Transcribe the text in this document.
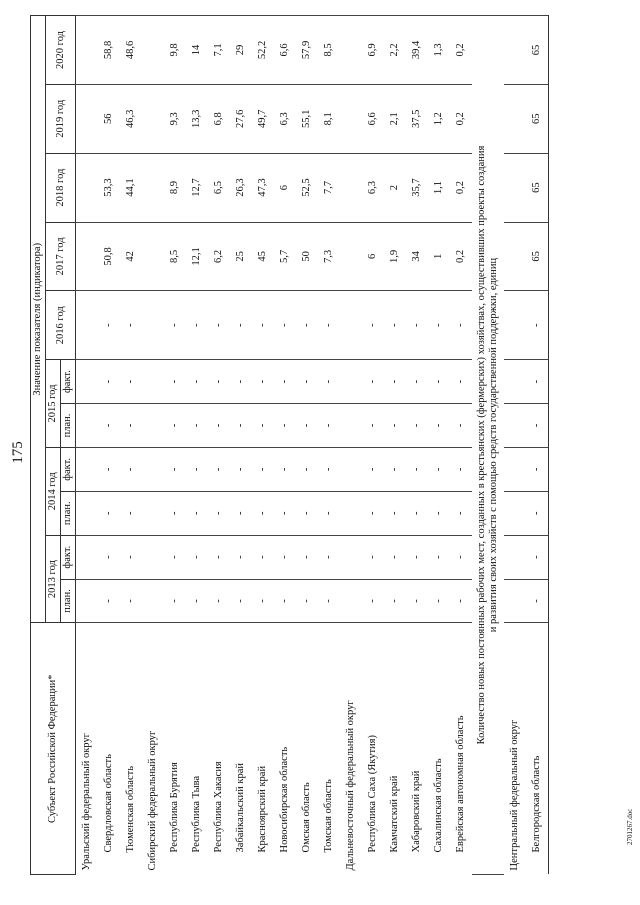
175
Субъект Российской Федерации*	Значение показателя (индикатора)										
	2013 год		2014 год		2015 год		2016 год	2017 год	2018 год	2019 год	2020 год
	план.	факт.	план.	факт.	план.	факт.					
Уральский федеральный округ											
Свердловская область	-	-	-	-	-	-	-	50,8	53,3	56	58,8
Тюменская область	-	-	-	-	-	-	-	42	44,1	46,3	48,6
Сибирский федеральный округ											
Республика Бурятия	-	-	-	-	-	-	-	8,5	8,9	9,3	9,8
Республика Тыва	-	-	-	-	-	-	-	12,1	12,7	13,3	14
Республика Хакасия	-	-	-	-	-	-	-	6,2	6,5	6,8	7,1
Забайкальский край	-	-	-	-	-	-	-	25	26,3	27,6	29
Красноярский край	-	-	-	-	-	-	-	45	47,3	49,7	52,2
Новосибирская область	-	-	-	-	-	-	-	5,7	6	6,3	6,6
Омская область	-	-	-	-	-	-	-	50	52,5	55,1	57,9
Томская область	-	-	-	-	-	-	-	7,3	7,7	8,1	8,5
Дальневосточный федеральный округ											
Республика Саха (Якутия)	-	-	-	-	-	-	-	6	6,3	6,6	6,9
Камчатский край	-	-	-	-	-	-	-	1,9	2	2,1	2,2
Хабаровский край	-	-	-	-	-	-	-	34	35,7	37,5	39,4
Сахалинская область	-	-	-	-	-	-	-	1	1,1	1,2	1,3
Еврейская автономная область	-	-	-	-	-	-	-	0,2	0,2	0,2	0,2

Количество новых постоянных рабочих мест, созданных в крестьянских (фермерских) хозяйствах, осуществивших проекты создания и развития своих хозяйств с помощью средств государственной поддержки, единиц											

Центральный федеральный округ											
Белгородская область	-	-	-	-	-	-	-	65	65	65	65
2701267.doc
